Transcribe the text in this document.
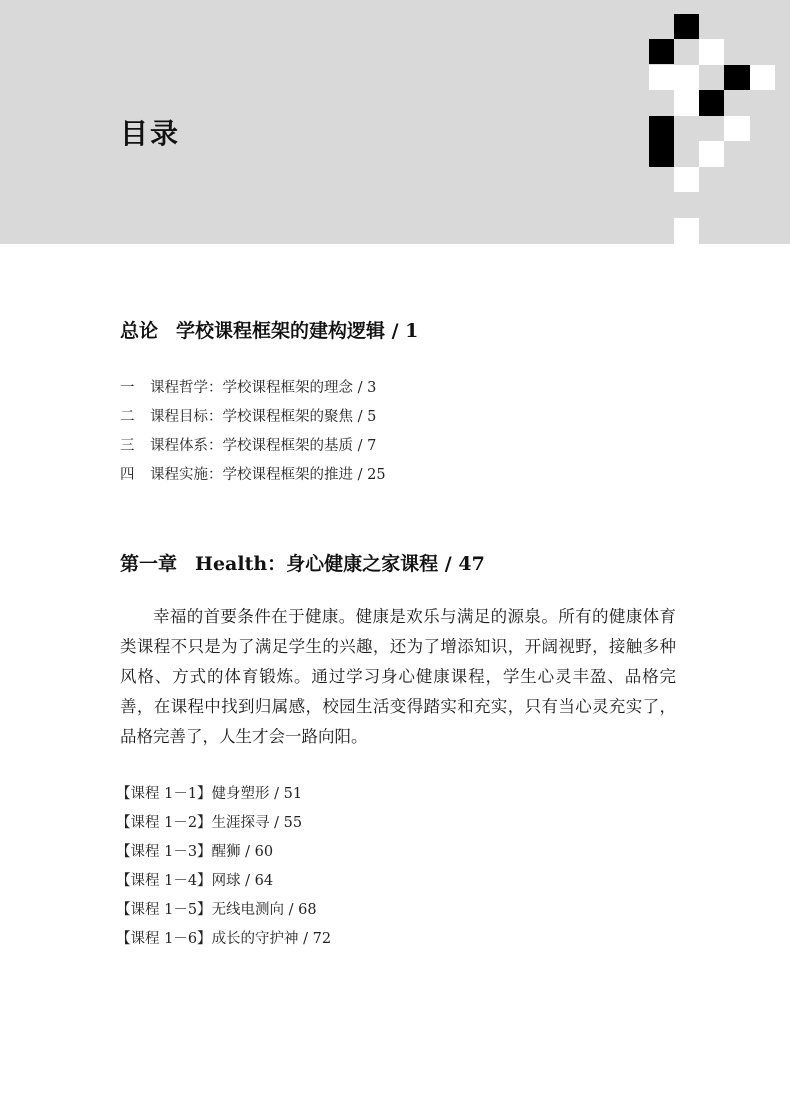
目录
总论 学校课程框架的建构逻辑 / 1
一 课程哲学：学校课程框架的理念 / 3
二 课程目标：学校课程框架的聚焦 / 5
三 课程体系：学校课程框架的基质 / 7
四 课程实施：学校课程框架的推进 / 25
第一章 Health：身心健康之家课程 / 47
幸福的首要条件在于健康。健康是欢乐与满足的源泉。所有的健康体育类课程不只是为了满足学生的兴趣，还为了增添知识，开阔视野，接触多种风格、方式的体育锻炼。通过学习身心健康课程，学生心灵丰盈、品格完善，在课程中找到归属感，校园生活变得踏实和充实，只有当心灵充实了，品格完善了，人生才会一路向阳。
【课程 1－1】健身塑形 / 51
【课程 1－2】生涯探寻 / 55
【课程 1－3】醒狮 / 60
【课程 1－4】网球 / 64
【课程 1－5】无线电测向 / 68
【课程 1－6】成长的守护神 / 72
